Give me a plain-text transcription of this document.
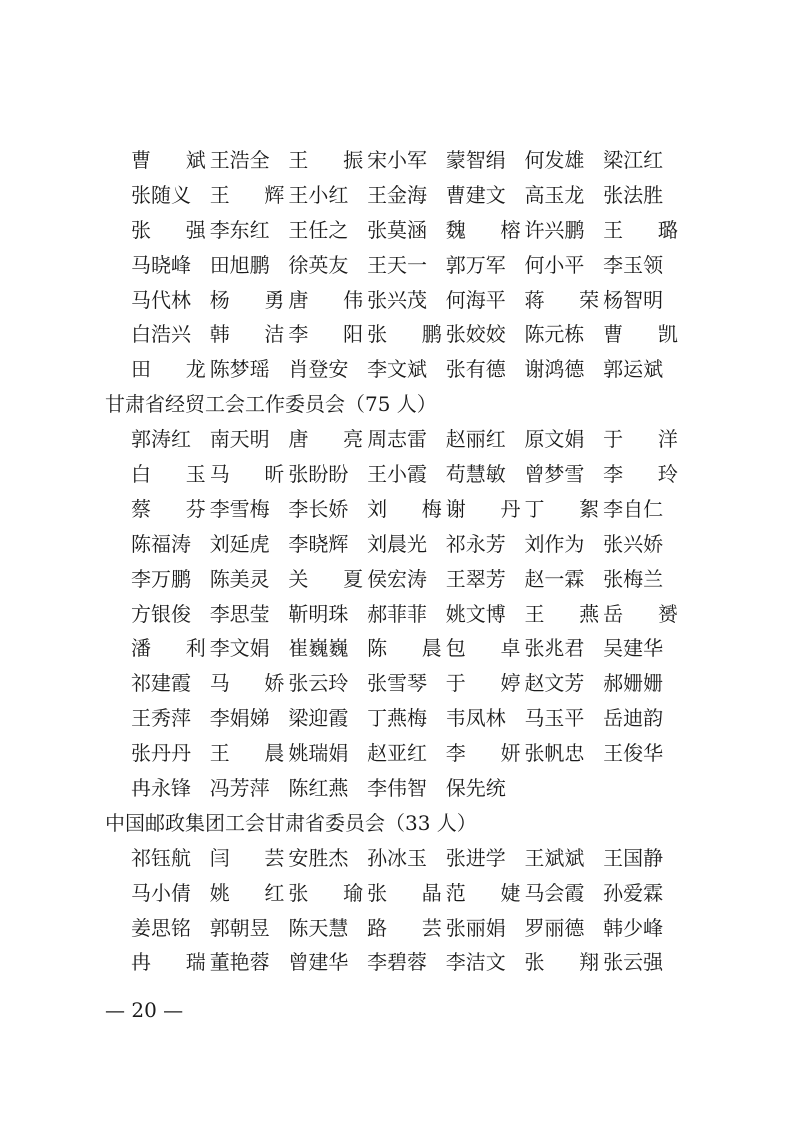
曹 斌 王浩全 王 振 宋小军 蒙智绢 何发雄 梁江红
张随义 王 辉 王小红 王金海 曹建文 高玉龙 张法胜
张 强 李东红 王任之 张莫涵 魏 榕 许兴鹏 王 璐
马晓峰 田旭鹏 徐英友 王天一 郭万军 何小平 李玉领
马代林 杨 勇 唐 伟 张兴茂 何海平 蒋 荣 杨智明
白浩兴 韩 洁 李 阳 张 鹏 张姣姣 陈元栋 曹 凯
田 龙 陈梦瑶 肖登安 李文斌 张有德 谢鸿德 郭运斌
甘肃省经贸工会工作委员会（75 人）
郭涛红 南天明 唐 亮 周志雷 赵丽红 原文娟 于 洋
白 玉 马 昕 张盼盼 王小霞 苟慧敏 曾梦雪 李 玲
蔡 芬 李雪梅 李长娇 刘 梅 谢 丹 丁 絮 李自仁
陈福涛 刘延虎 李晓辉 刘晨光 祁永芳 刘作为 张兴娇
李万鹏 陈美灵 关 夏 侯宏涛 王翠芳 赵一霖 张梅兰
方银俊 李思莹 靳明珠 郝菲菲 姚文博 王 燕 岳 赟
潘 利 李文娟 崔巍巍 陈 晨 包 卓 张兆君 吴建华
祁建霞 马 娇 张云玲 张雪琴 于 婷 赵文芳 郝姗姗
王秀萍 李娟娣 梁迎霞 丁燕梅 韦凤林 马玉平 岳迪韵
张丹丹 王 晨 姚瑞娟 赵亚红 李 妍 张帆忠 王俊华
冉永锋 冯芳萍 陈红燕 李伟智 保先统
中国邮政集团工会甘肃省委员会（33 人）
祁钰航 闫 芸 安胜杰 孙冰玉 张进学 王斌斌 王国静
马小倩 姚 红 张 瑜 张 晶 范 婕 马会霞 孙爱霖
姜思铭 郭朝昱 陈天慧 路 芸 张丽娟 罗丽德 韩少峰
冉 瑞 董艳蓉 曾建华 李碧蓉 李洁文 张 翔 张云强
— 20 —
